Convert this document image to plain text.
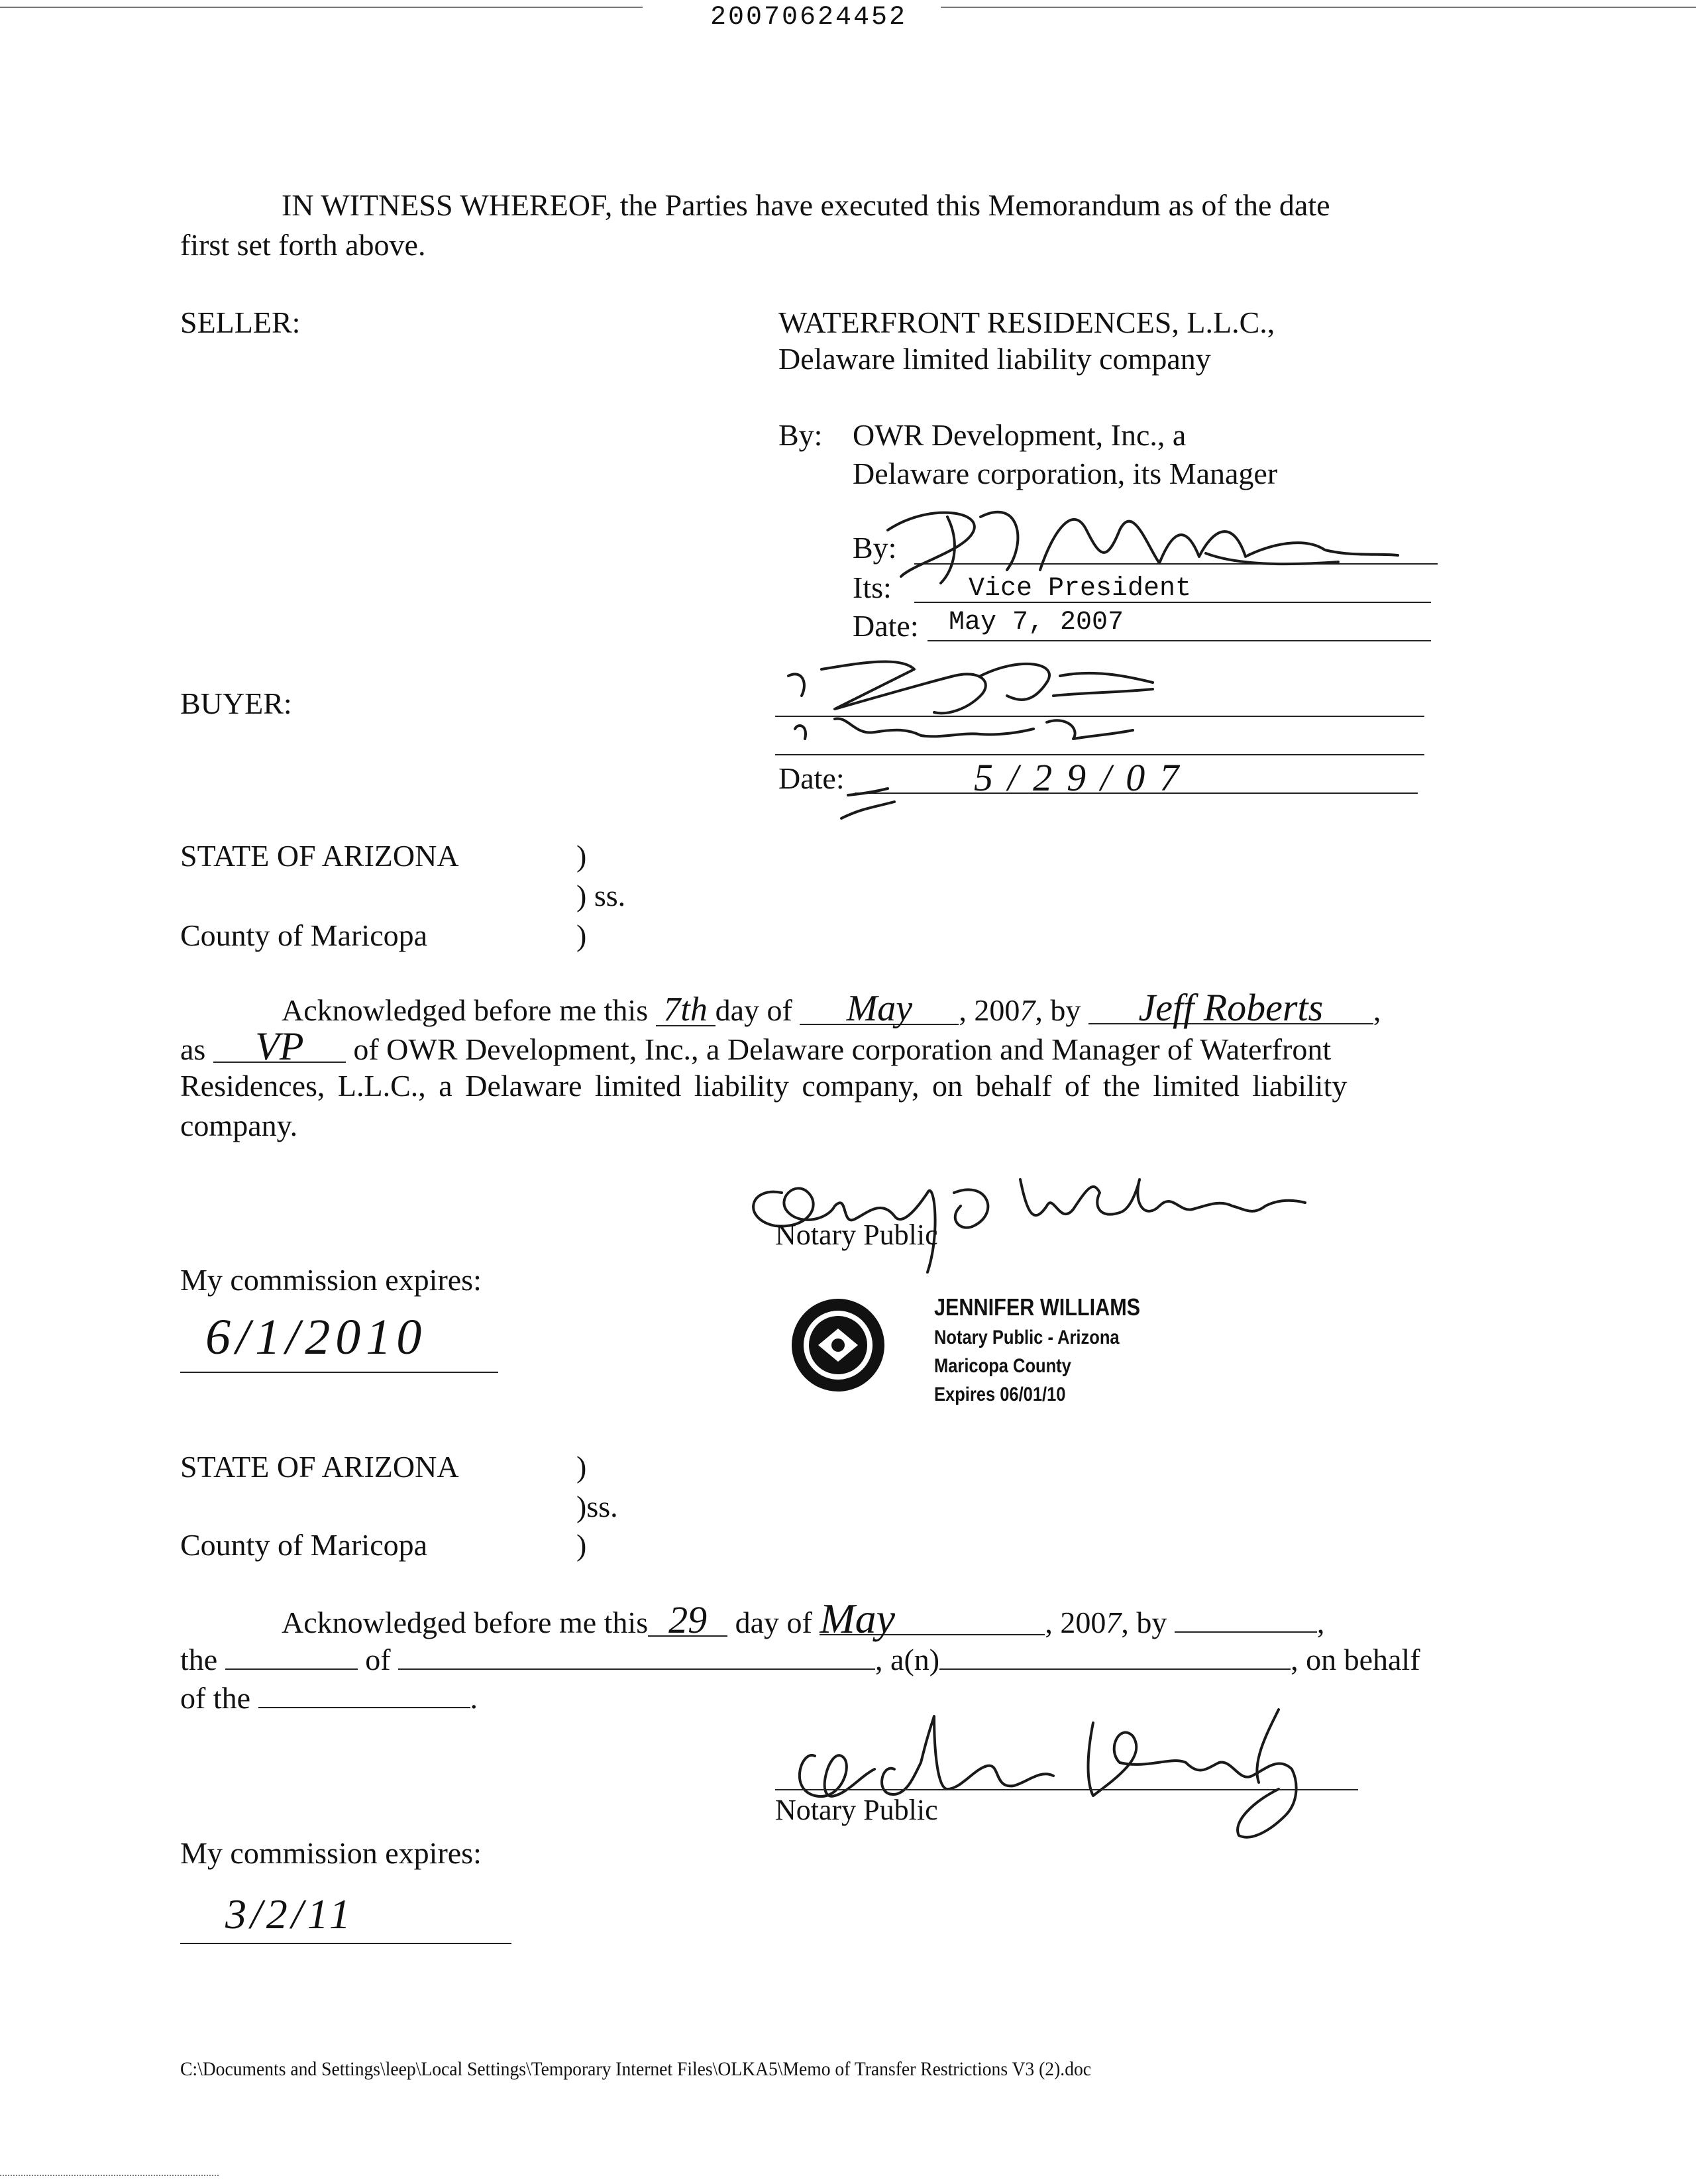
20070624452
IN WITNESS WHEREOF, the Parties have executed this Memorandum as of the date
first set forth above.
SELLER:	WATERFRONT RESIDENCES, L.L.C.,
Delaware limited liability company
By: OWR Development, Inc., a
Delaware corporation, its Manager
By:
Its:	Vice President
Date: May 7, 2007
BUYER:
Date:	5/29/07
STATE OF ARIZONA	)
) ss.
County of Maricopa	)
Acknowledged before me this 7th day of May , 2007, by Jeff Roberts ,
as VP of OWR Development, Inc., a Delaware corporation and Manager of Waterfront
Residences, L.L.C., a Delaware limited liability company, on behalf of the limited liability
company.
Notary Public
My commission expires:
6/1/2010
JENNIFER WILLIAMS
Notary Public - Arizona
Maricopa County
Expires 06/01/10
STATE OF ARIZONA	)
)ss.
County of Maricopa	)
Acknowledged before me this 29 day of May	, 2007, by	,
the	of	, a(n)	, on behalf
of the	.
Notary Public
My commission expires:
3/2/11
C:\Documents and Settings\leep\Local Settings\Temporary Internet Files\OLKA5\Memo of Transfer Restrictions V3 (2).doc
